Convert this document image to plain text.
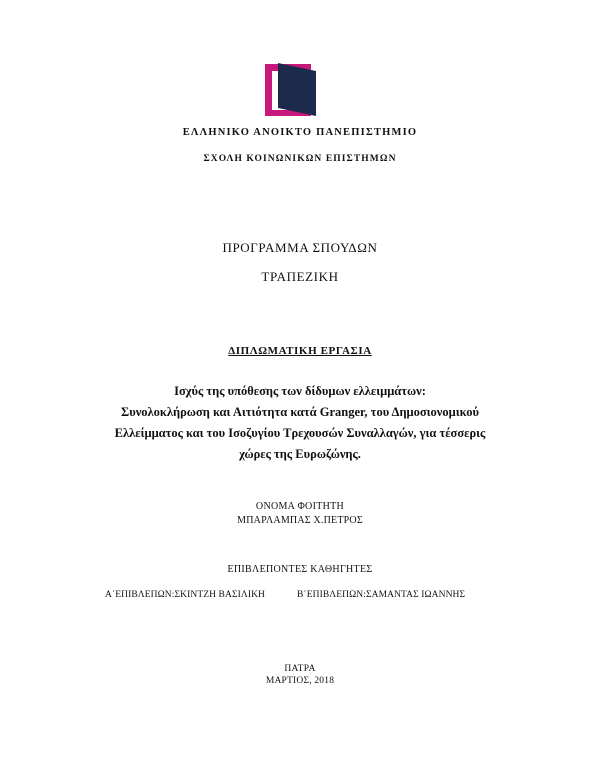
ΕΛΛΗΝΙΚΟ ΑΝΟΙΚΤΟ ΠΑΝΕΠΙΣΤΗΜΙΟ
ΣΧΟΛΗ ΚΟΙΝΩΝΙΚΩΝ ΕΠΙΣΤΗΜΩΝ
ΠΡΟΓΡΑΜΜΑ ΣΠΟΥΔΩΝ
ΤΡΑΠΕΖΙΚΗ
ΔΙΠΛΩΜΑΤΙΚΗ ΕΡΓΑΣΙΑ
Ισχύς της υπόθεσης των δίδυμων ελλειμμάτων:
Συνολοκλήρωση και Αιτιότητα κατά Granger, του Δημοσιονομικού
Ελλείμματος και του Ισοζυγίου Τρεχουσών Συναλλαγών, για τέσσερις
χώρες της Ευρωζώνης.
ΟΝΟΜΑ ΦΟΙΤΗΤΗ
ΜΠΑΡΛΑΜΠΑΣ Χ.ΠΕΤΡΟΣ
ΕΠΙΒΛΕΠΟΝΤΕΣ ΚΑΘΗΓΗΤΕΣ
Α΄ΕΠΙΒΛΕΠΩΝ:ΣΚΙΝΤΖΗ ΒΑΣΙΛΙΚΗ	Β΄ΕΠΙΒΛΕΠΩΝ:ΣΑΜΑΝΤΑΣ ΙΩΑΝΝΗΣ
ΠΑΤΡΑ
ΜΑΡΤΙΟΣ, 2018
